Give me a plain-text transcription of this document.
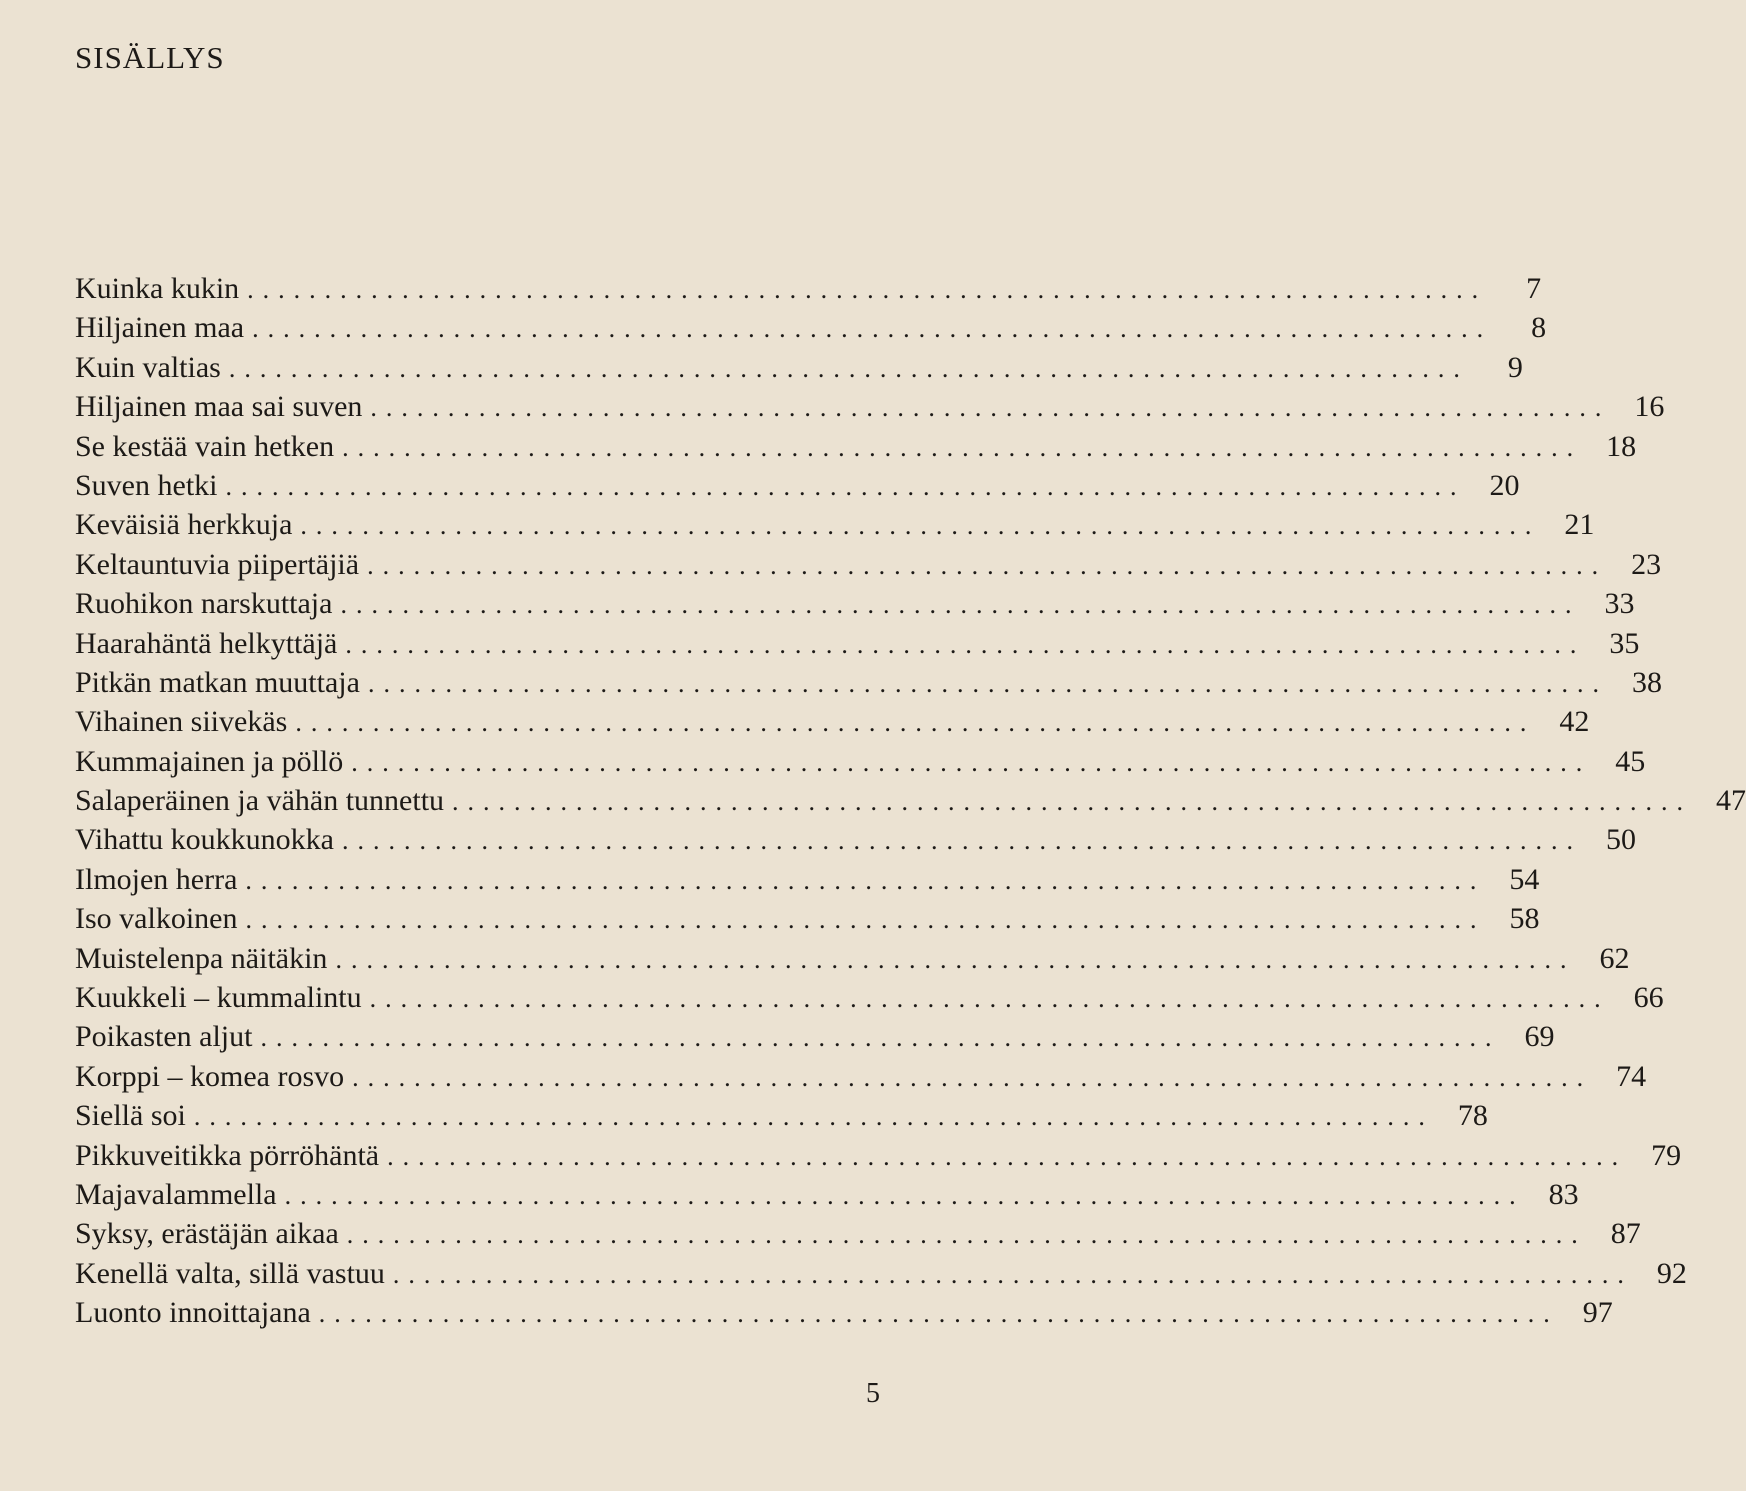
SISÄLLYS
Kuinka kukin ................................................................................	7
Hiljainen maa ................................................................................	8
Kuin valtias ................................................................................	9
Hiljainen maa sai suven ................................................................................ 16
Se kestää vain hetken ................................................................................ 18
Suven hetki ................................................................................ 20
Keväisiä herkkuja ................................................................................ 21
Keltauntuvia piipertäjiä ................................................................................ 23
Ruohikon narskuttaja ................................................................................ 33
Haarahäntä helkyttäjä ................................................................................ 35
Pitkän matkan muuttaja ................................................................................ 38
Vihainen siivekäs ................................................................................ 42
Kummajainen ja pöllö ................................................................................ 45
Salaperäinen ja vähän tunnettu ................................................................................ 47
Vihattu koukkunokka ................................................................................ 50
Ilmojen herra ................................................................................ 54
Iso valkoinen ................................................................................ 58
Muistelenpa näitäkin ................................................................................ 62
Kuukkeli – kummalintu ................................................................................ 66
Poikasten aljut ................................................................................ 69
Korppi – komea rosvo ................................................................................ 74
Siellä soi ................................................................................ 78
Pikkuveitikka pörröhäntä ................................................................................ 79
Majavalammella ................................................................................ 83
Syksy, erästäjän aikaa ................................................................................ 87
Kenellä valta, sillä vastuu ................................................................................ 92
Luonto innoittajana ................................................................................ 97
5
